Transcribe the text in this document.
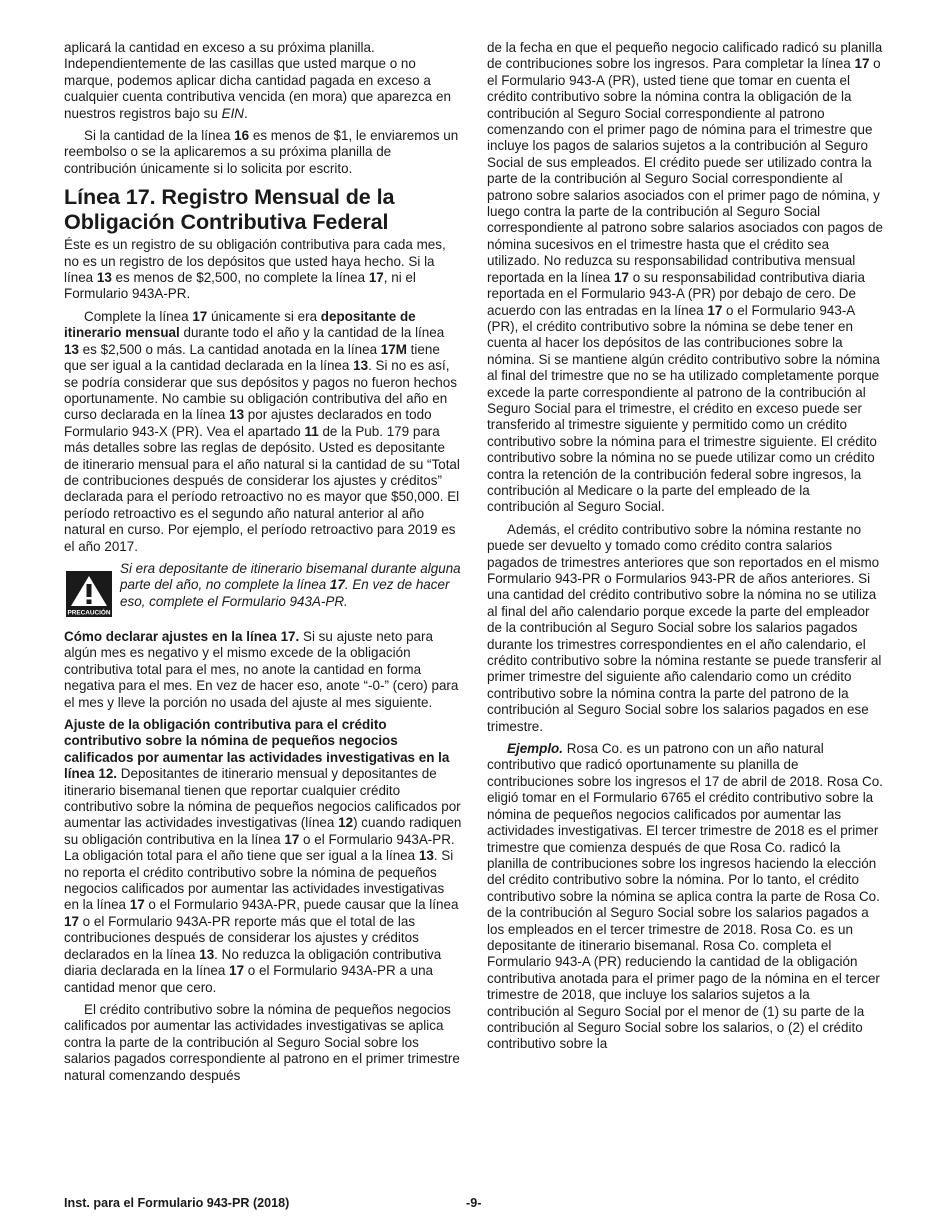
aplicará la cantidad en exceso a su próxima planilla. Independientemente de las casillas que usted marque o no marque, podemos aplicar dicha cantidad pagada en exceso a cualquier cuenta contributiva vencida (en mora) que aparezca en nuestros registros bajo su EIN.

Si la cantidad de la línea 16 es menos de $1, le enviaremos un reembolso o se la aplicaremos a su próxima planilla de contribución únicamente si lo solicita por escrito.

Línea 17. Registro Mensual de la Obligación Contributiva Federal

Éste es un registro de su obligación contributiva para cada mes, no es un registro de los depósitos que usted haya hecho. Si la línea 13 es menos de $2,500, no complete la línea 17, ni el Formulario 943A-PR.

Complete la línea 17 únicamente si era depositante de itinerario mensual durante todo el año y la cantidad de la línea 13 es $2,500 o más. La cantidad anotada en la línea 17M tiene que ser igual a la cantidad declarada en la línea 13. Si no es así, se podría considerar que sus depósitos y pagos no fueron hechos oportunamente. No cambie su obligación contributiva del año en curso declarada en la línea 13 por ajustes declarados en todo Formulario 943-X (PR). Vea el apartado 11 de la Pub. 179 para más detalles sobre las reglas de depósito. Usted es depositante de itinerario mensual para el año natural si la cantidad de su “Total de contribuciones después de considerar los ajustes y créditos” declarada para el período retroactivo no es mayor que $50,000. El período retroactivo es el segundo año natural anterior al año natural en curso. Por ejemplo, el período retroactivo para 2019 es el año 2017.

PRECAUCIÓN
Si era depositante de itinerario bisemanal durante alguna parte del año, no complete la línea 17. En vez de hacer eso, complete el Formulario 943A-PR.

Cómo declarar ajustes en la línea 17. Si su ajuste neto para algún mes es negativo y el mismo excede de la obligación contributiva total para el mes, no anote la cantidad en forma negativa para el mes. En vez de hacer eso, anote “-0-” (cero) para el mes y lleve la porción no usada del ajuste al mes siguiente.

Ajuste de la obligación contributiva para el crédito contributivo sobre la nómina de pequeños negocios calificados por aumentar las actividades investigativas en la línea 12. Depositantes de itinerario mensual y depositantes de itinerario bisemanal tienen que reportar cualquier crédito contributivo sobre la nómina de pequeños negocios calificados por aumentar las actividades investigativas (línea 12) cuando radiquen su obligación contributiva en la línea 17 o el Formulario 943A-PR. La obligación total para el año tiene que ser igual a la línea 13. Si no reporta el crédito contributivo sobre la nómina de pequeños negocios calificados por aumentar las actividades investigativas en la línea 17 o el Formulario 943A-PR, puede causar que la línea 17 o el Formulario 943A-PR reporte más que el total de las contribuciones después de considerar los ajustes y créditos declarados en la línea 13. No reduzca la obligación contributiva diaria declarada en la línea 17 o el Formulario 943A-PR a una cantidad menor que cero.

El crédito contributivo sobre la nómina de pequeños negocios calificados por aumentar las actividades investigativas se aplica contra la parte de la contribución al Seguro Social sobre los salarios pagados correspondiente al patrono en el primer trimestre natural comenzando después

de la fecha en que el pequeño negocio calificado radicó su planilla de contribuciones sobre los ingresos. Para completar la línea 17 o el Formulario 943-A (PR), usted tiene que tomar en cuenta el crédito contributivo sobre la nómina contra la obligación de la contribución al Seguro Social correspondiente al patrono comenzando con el primer pago de nómina para el trimestre que incluye los pagos de salarios sujetos a la contribución al Seguro Social de sus empleados. El crédito puede ser utilizado contra la parte de la contribución al Seguro Social correspondiente al patrono sobre salarios asociados con el primer pago de nómina, y luego contra la parte de la contribución al Seguro Social correspondiente al patrono sobre salarios asociados con pagos de nómina sucesivos en el trimestre hasta que el crédito sea utilizado. No reduzca su responsabilidad contributiva mensual reportada en la línea 17 o su responsabilidad contributiva diaria reportada en el Formulario 943-A (PR) por debajo de cero. De acuerdo con las entradas en la línea 17 o el Formulario 943-A (PR), el crédito contributivo sobre la nómina se debe tener en cuenta al hacer los depósitos de las contribuciones sobre la nómina. Si se mantiene algún crédito contributivo sobre la nómina al final del trimestre que no se ha utilizado completamente porque excede la parte correspondiente al patrono de la contribución al Seguro Social para el trimestre, el crédito en exceso puede ser transferido al trimestre siguiente y permitido como un crédito contributivo sobre la nómina para el trimestre siguiente. El crédito contributivo sobre la nómina no se puede utilizar como un crédito contra la retención de la contribución federal sobre ingresos, la contribución al Medicare o la parte del empleado de la contribución al Seguro Social.

Además, el crédito contributivo sobre la nómina restante no puede ser devuelto y tomado como crédito contra salarios pagados de trimestres anteriores que son reportados en el mismo Formulario 943-PR o Formularios 943-PR de años anteriores. Si una cantidad del crédito contributivo sobre la nómina no se utiliza al final del año calendario porque excede la parte del empleador de la contribución al Seguro Social sobre los salarios pagados durante los trimestres correspondientes en el año calendario, el crédito contributivo sobre la nómina restante se puede transferir al primer trimestre del siguiente año calendario como un crédito contributivo sobre la nómina contra la parte del patrono de la contribución al Seguro Social sobre los salarios pagados en ese trimestre.

Ejemplo. Rosa Co. es un patrono con un año natural contributivo que radicó oportunamente su planilla de contribuciones sobre los ingresos el 17 de abril de 2018. Rosa Co. eligió tomar en el Formulario 6765 el crédito contributivo sobre la nómina de pequeños negocios calificados por aumentar las actividades investigativas. El tercer trimestre de 2018 es el primer trimestre que comienza después de que Rosa Co. radicó la planilla de contribuciones sobre los ingresos haciendo la elección del crédito contributivo sobre la nómina. Por lo tanto, el crédito contributivo sobre la nómina se aplica contra la parte de Rosa Co. de la contribución al Seguro Social sobre los salarios pagados a los empleados en el tercer trimestre de 2018. Rosa Co. es un depositante de itinerario bisemanal. Rosa Co. completa el Formulario 943-A (PR) reduciendo la cantidad de la obligación contributiva anotada para el primer pago de la nómina en el tercer trimestre de 2018, que incluye los salarios sujetos a la contribución al Seguro Social por el menor de (1) su parte de la contribución al Seguro Social sobre los salarios, o (2) el crédito contributivo sobre la

Inst. para el Formulario 943-PR (2018)	-9-
